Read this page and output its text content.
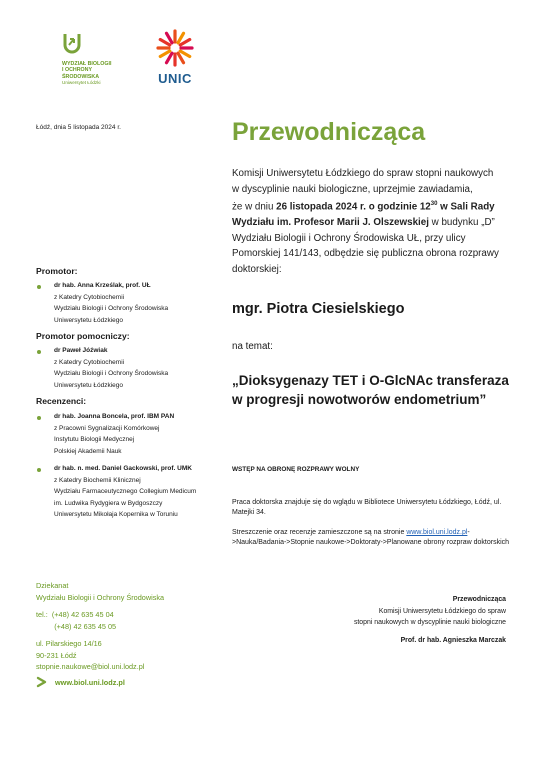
WYDZIAŁ BIOLOGII
I OCHRONY
ŚRODOWISKA
Uniwersytet Łódzki	UNIC
Łódź, dnia 5 listopada 2024 r.	Przewodnicząca
Komisji Uniwersytetu Łódzkiego do spraw stopni naukowych
w dyscyplinie nauki biologiczne, uprzejmie zawiadamia,
że w dniu 26 listopada 2024 r. o godzinie $12^{30}$ w Sali Rady
Wydziału im. Profesor Marii J. Olszewskiej w budynku „D”
Wydziału Biologii i Ochrony Środowiska UŁ, przy ulicy
Pomorskiej 141/143, odbędzie się publiczna obrona rozprawy
doktorskiej:
mgr. Piotra Ciesielskiego
na temat:
„Dioksygenazy TET i O-GlcNAc transferaza
w progresji nowotworów endometrium”
WSTĘP NA OBRONĘ ROZPRAWY WOLNY
Praca doktorska znajduje się do wglądu w Bibliotece Uniwersytetu Łódzkiego, Łódź, ul. Matejki 34.
Streszczenie oraz recenzje zamieszczone są na stronie www.biol.uni.lodz.pl->Nauka/Badania->Stopnie naukowe->Doktoraty->Planowane obrony rozpraw doktorskich
Promotor:
dr hab. Anna Krześlak, prof. UŁ
z Katedry Cytobiochemii
Wydziału Biologii i Ochrony Środowiska
Uniwersytetu Łódzkiego
Promotor pomocniczy:
dr Paweł Jóźwiak
z Katedry Cytobiochemii
Wydziału Biologii i Ochrony Środowiska
Uniwersytetu Łódzkiego
Recenzenci:
dr hab. Joanna Boncela, prof. IBM PAN
z Pracowni Sygnalizacji Komórkowej
Instytutu Biologii Medycznej
Polskiej Akademii Nauk
dr hab. n. med. Daniel Gackowski, prof. UMK
z Katedry Biochemii Klinicznej
Wydziału Farmaceutycznego Collegium Medicum
im. Ludwika Rydygiera w Bydgoszczy
Uniwersytetu Mikołaja Kopernika w Toruniu
Dziekanat
Wydziału Biologii i Ochrony Środowiska
tel.:  (+48) 42 635 45 04
(+48) 42 635 45 05
ul. Pilarskiego 14/16
90-231 Łódź
stopnie.naukowe@biol.uni.lodz.pl
www.biol.uni.lodz.pl
Przewodnicząca
Komisji Uniwersytetu Łódzkiego do spraw
stopni naukowych w dyscyplinie nauki biologiczne
Prof. dr hab. Agnieszka Marczak
